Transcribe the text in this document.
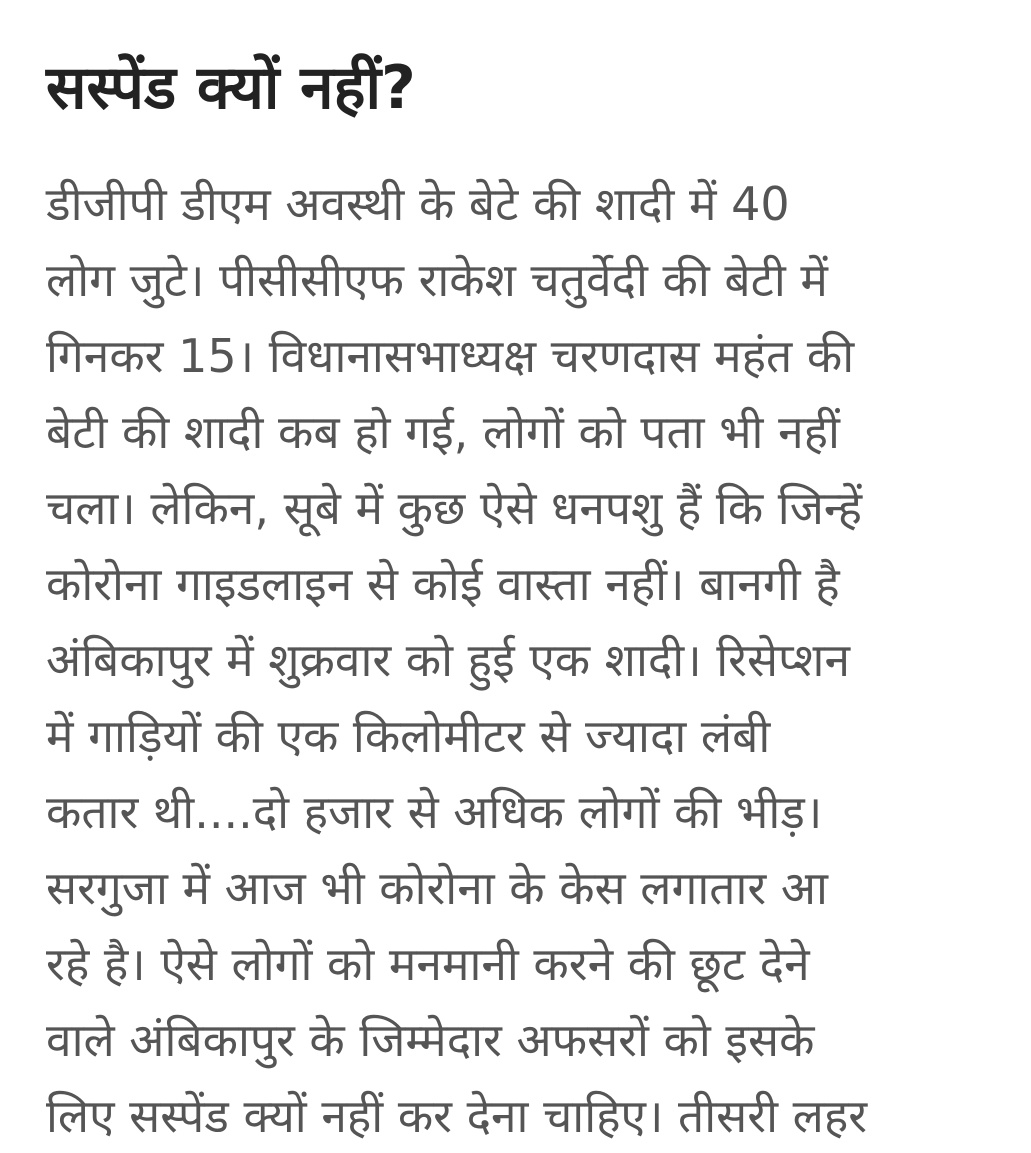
सस्पेंड क्यों नहीं?
डीजीपी डीएम अवस्थी के बेटे की शादी में 40
लोग जुटे। पीसीसीएफ राकेश चतुर्वेदी की बेटी में
गिनकर 15। विधानासभाध्यक्ष चरणदास महंत की
बेटी की शादी कब हो गई, लोगों को पता भी नहीं
चला। लेकिन, सूबे में कुछ ऐसे धनपशु हैं कि जिन्हें
कोरोना गाइडलाइन से कोई वास्ता नहीं। बानगी है
अंबिकापुर में शुक्रवार को हुई एक शादी। रिसेप्शन
में गाड़ियों की एक किलोमीटर से ज्यादा लंबी
कतार थी....दो हजार से अधिक लोगों की भीड़।
सरगुजा में आज भी कोरोना के केस लगातार आ
रहे है। ऐसे लोगों को मनमानी करने की छूट देने
वाले अंबिकापुर के जिम्मेदार अफसरों को इसके
लिए सस्पेंड क्यों नहीं कर देना चाहिए। तीसरी लहर
